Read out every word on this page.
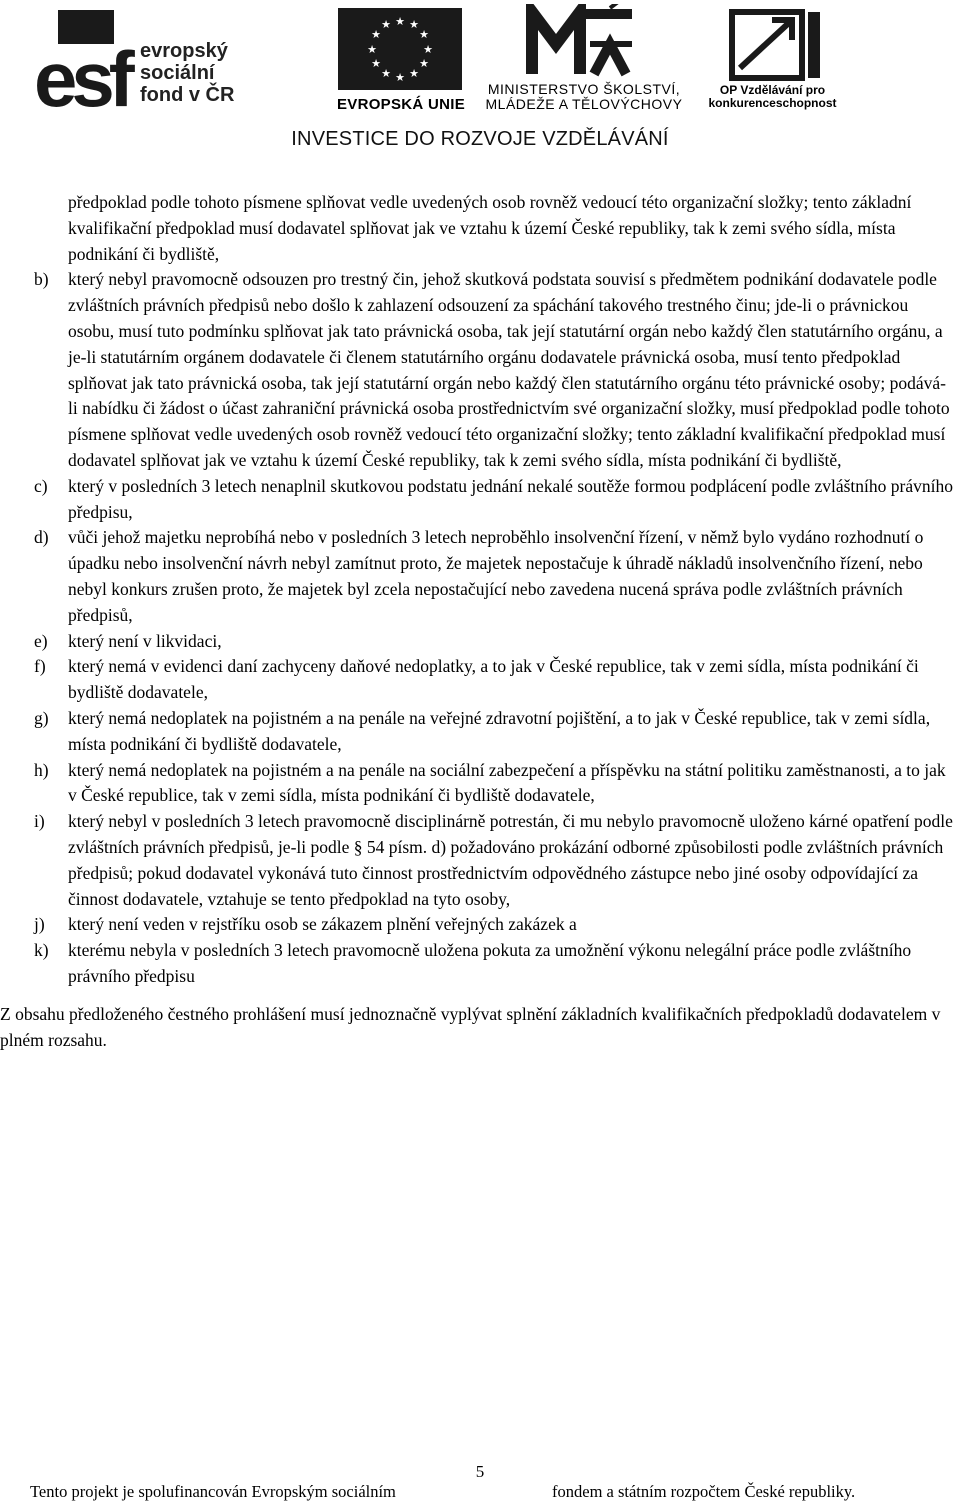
esf evropský sociální fond v ČR
★ ★
★
★
★
★
★
★
★
★
★
★
EVROPSKÁ UNIE
MINISTERSTVO ŠKOLSTVÍ, MLÁDEŽE A TĚLOVÝCHOVY
OP Vzdělávání pro konkurenceschopnost
INVESTICE DO ROZVOJE VZDĚLÁVÁNÍ

předpoklad podle tohoto písmene splňovat vedle uvedených osob rovněž vedoucí této organizační složky; tento základní kvalifikační předpoklad musí dodavatel splňovat jak ve vztahu k území České republiky, tak k zemi svého sídla, místa podnikání či bydliště,

b) který nebyl pravomocně odsouzen pro trestný čin, jehož skutková podstata souvisí s předmětem podnikání dodavatele podle zvláštních právních předpisů nebo došlo k zahlazení odsouzení za spáchání takového trestného činu; jde-li o právnickou osobu, musí tuto podmínku splňovat jak tato právnická osoba, tak její statutární orgán nebo každý člen statutárního orgánu, a je-li statutárním orgánem dodavatele či členem statutárního orgánu dodavatele právnická osoba, musí tento předpoklad splňovat jak tato právnická osoba, tak její statutární orgán nebo každý člen statutárního orgánu této právnické osoby; podává-li nabídku či žádost o účast zahraniční právnická osoba prostřednictvím své organizační složky, musí předpoklad podle tohoto písmene splňovat vedle uvedených osob rovněž vedoucí této organizační složky; tento základní kvalifikační předpoklad musí dodavatel splňovat jak ve vztahu k území České republiky, tak k zemi svého sídla, místa podnikání či bydliště,
c) který v posledních 3 letech nenaplnil skutkovou podstatu jednání nekalé soutěže formou podplácení podle zvláštního právního předpisu,
d) vůči jehož majetku neprobíhá nebo v posledních 3 letech neproběhlo insolvenční řízení, v němž bylo vydáno rozhodnutí o úpadku nebo insolvenční návrh nebyl zamítnut proto, že majetek nepostačuje k úhradě nákladů insolvenčního řízení, nebo nebyl konkurs zrušen proto, že majetek byl zcela nepostačující nebo zavedena nucená správa podle zvláštních právních předpisů,
e) který není v likvidaci,
f) který nemá v evidenci daní zachyceny daňové nedoplatky, a to jak v České republice, tak v zemi sídla, místa podnikání či bydliště dodavatele,
g) který nemá nedoplatek na pojistném a na penále na veřejné zdravotní pojištění, a to jak v České republice, tak v zemi sídla, místa podnikání či bydliště dodavatele,
h) který nemá nedoplatek na pojistném a na penále na sociální zabezpečení a příspěvku na státní politiku zaměstnanosti, a to jak v České republice, tak v zemi sídla, místa podnikání či bydliště dodavatele,
i) který nebyl v posledních 3 letech pravomocně disciplinárně potrestán, či mu nebylo pravomocně uloženo kárné opatření podle zvláštních právních předpisů, je-li podle § 54 písm. d) požadováno prokázání odborné způsobilosti podle zvláštních právních předpisů; pokud dodavatel vykonává tuto činnost prostřednictvím odpovědného zástupce nebo jiné osoby odpovídající za činnost dodavatele, vztahuje se tento předpoklad na tyto osoby,
j) který není veden v rejstříku osob se zákazem plnění veřejných zakázek a
k) kterému nebyla v posledních 3 letech pravomocně uložena pokuta za umožnění výkonu nelegální práce podle zvláštního právního předpisu

Z obsahu předloženého čestného prohlášení musí jednoznačně vyplývat splnění základních kvalifikačních předpokladů dodavatelem v plném rozsahu.

5
Tento projekt je spolufinancován Evropským sociálním	fondem a státním rozpočtem České republiky.
